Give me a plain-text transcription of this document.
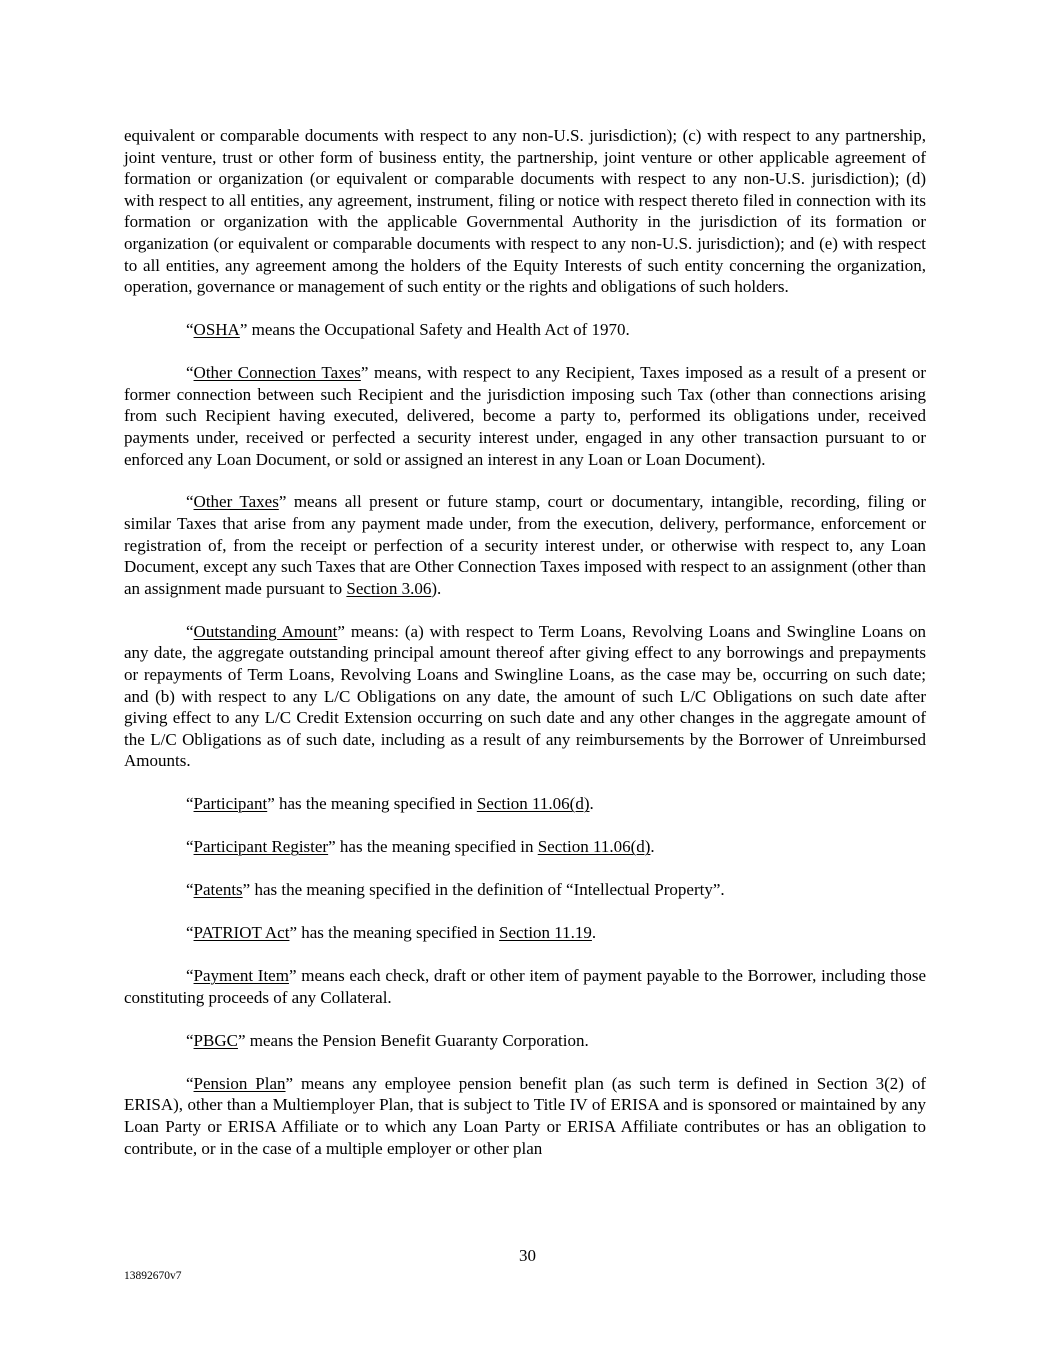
equivalent or comparable documents with respect to any non-U.S. jurisdiction); (c) with respect to any partnership, joint venture, trust or other form of business entity, the partnership, joint venture or other applicable agreement of formation or organization (or equivalent or comparable documents with respect to any non-U.S. jurisdiction); (d) with respect to all entities, any agreement, instrument, filing or notice with respect thereto filed in connection with its formation or organization with the applicable Governmental Authority in the jurisdiction of its formation or organization (or equivalent or comparable documents with respect to any non-U.S. jurisdiction); and (e) with respect to all entities, any agreement among the holders of the Equity Interests of such entity concerning the organization, operation, governance or management of such entity or the rights and obligations of such holders.

“OSHA” means the Occupational Safety and Health Act of 1970.

“Other Connection Taxes” means, with respect to any Recipient, Taxes imposed as a result of a present or former connection between such Recipient and the jurisdiction imposing such Tax (other than connections arising from such Recipient having executed, delivered, become a party to, performed its obligations under, received payments under, received or perfected a security interest under, engaged in any other transaction pursuant to or enforced any Loan Document, or sold or assigned an interest in any Loan or Loan Document).

“Other Taxes” means all present or future stamp, court or documentary, intangible, recording, filing or similar Taxes that arise from any payment made under, from the execution, delivery, performance, enforcement or registration of, from the receipt or perfection of a security interest under, or otherwise with respect to, any Loan Document, except any such Taxes that are Other Connection Taxes imposed with respect to an assignment (other than an assignment made pursuant to Section 3.06).

“Outstanding Amount” means: (a) with respect to Term Loans, Revolving Loans and Swingline Loans on any date, the aggregate outstanding principal amount thereof after giving effect to any borrowings and prepayments or repayments of Term Loans, Revolving Loans and Swingline Loans, as the case may be, occurring on such date; and (b) with respect to any L/C Obligations on any date, the amount of such L/C Obligations on such date after giving effect to any L/C Credit Extension occurring on such date and any other changes in the aggregate amount of the L/C Obligations as of such date, including as a result of any reimbursements by the Borrower of Unreimbursed Amounts.

“Participant” has the meaning specified in Section 11.06(d).

“Participant Register” has the meaning specified in Section 11.06(d).

“Patents” has the meaning specified in the definition of “Intellectual Property”.

“PATRIOT Act” has the meaning specified in Section 11.19.

“Payment Item” means each check, draft or other item of payment payable to the Borrower, including those constituting proceeds of any Collateral.

“PBGC” means the Pension Benefit Guaranty Corporation.

“Pension Plan” means any employee pension benefit plan (as such term is defined in Section 3(2) of ERISA), other than a Multiemployer Plan, that is subject to Title IV of ERISA and is sponsored or maintained by any Loan Party or ERISA Affiliate or to which any Loan Party or ERISA Affiliate contributes or has an obligation to contribute, or in the case of a multiple employer or other plan

30
13892670v7
